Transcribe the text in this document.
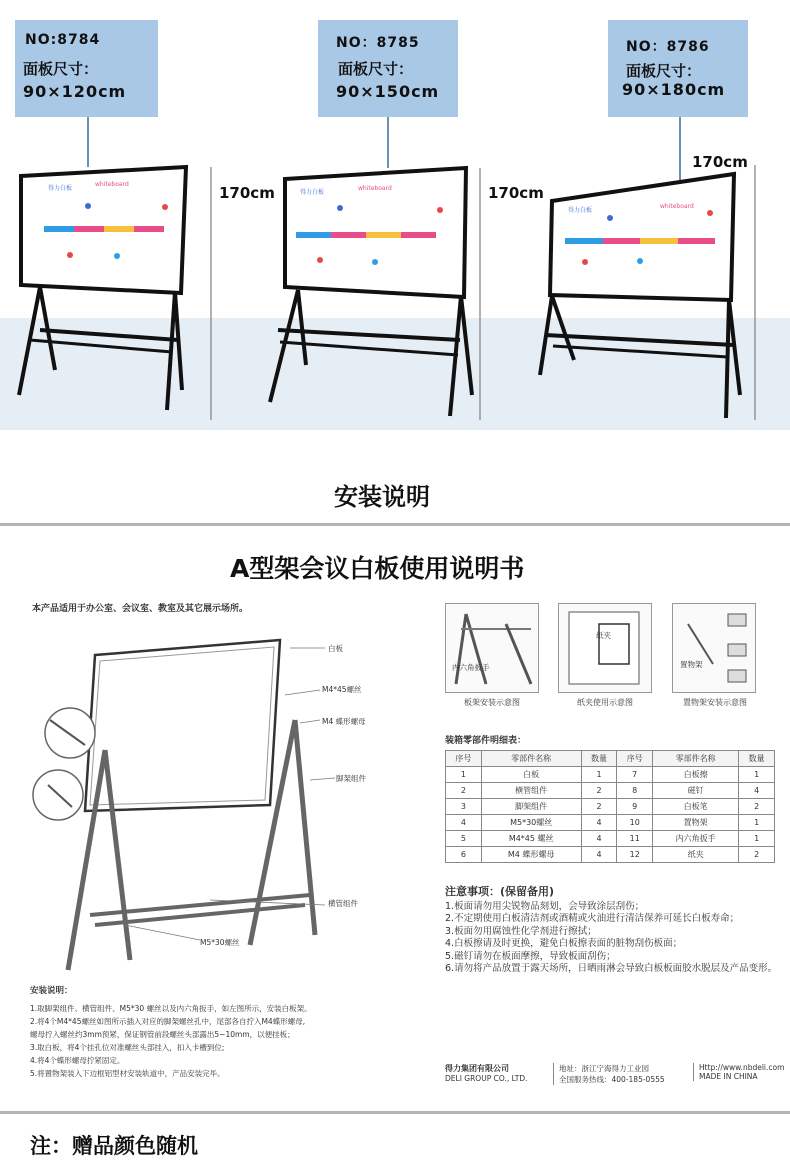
NO:8784
面板尺寸：
90×120cm
NO：8785
面板尺寸：
90×150cm
NO：8786
面板尺寸：
90×180cm
170cm	170cm
170cm
得力白板
whiteboard
得力白板
whiteboard
得力白板
whiteboard
安装说明
A型架会议白板使用说明书
本产品适用于办公室、会议室、教室及其它展示场所。
白板
M4*45螺丝
M4 蝶形螺母
脚架组件
横管组件
M5*30螺丝
内六角扳手
纸夹
置物架
板架安装示意图	纸夹使用示意图	置物架安装示意图
装箱零部件明细表：
序号	零部件名称	数量	序号	零部件名称	数量
1	白板	1	7	白板擦	1
2	横管组件	2	8	磁钉	4
3	脚架组件	2	9	白板笔	2
4	M5*30螺丝	4	10	置物架	1
5	M4*45 螺丝	4	11	内六角扳手	1
6	M4 蝶形螺母	4	12	纸夹	2
注意事项：(保留备用)
1.板面请勿用尖锐物品刻划，会导致涂层刮伤；
2.不定期使用白板清洁剂或酒精或火油进行清洁保养可延长白板寿命；
3.板面勿用腐蚀性化学剂进行擦拭；
4.白板擦请及时更换，避免白板擦表面的脏物刮伤板面；
5.磁钉请勿在板面摩擦，导致板面刮伤；
6.请勿将产品放置于露天场所，日晒雨淋会导致白板板面胶水脱层及产品变形。
安装说明：
1.取脚架组件、横管组件、M5*30 螺丝以及内六角扳手，如左图所示，安装白板架。
2.将4个M4*45螺丝如图所示插入对应的脚架螺丝孔中，尾部各自拧入M4蝶形螺母,
螺母拧入螺丝约3mm预紧，保证钢管前段螺丝头部露出5~10mm，以便挂板；
3.取白板，将4个挂孔位对准螺丝头部挂入，扣入卡槽到位;
4.将4个蝶形螺母拧紧固定。
5.将置物架装入下边框铝型材安装轨道中，产品安装完毕。
得力集团有限公司
DELI GROUP CO., LTD.
地址：浙江宁海得力工业园
全国服务热线：400-185-0555
Http://www.nbdeli.com
MADE IN CHINA
注：赠品颜色随机
